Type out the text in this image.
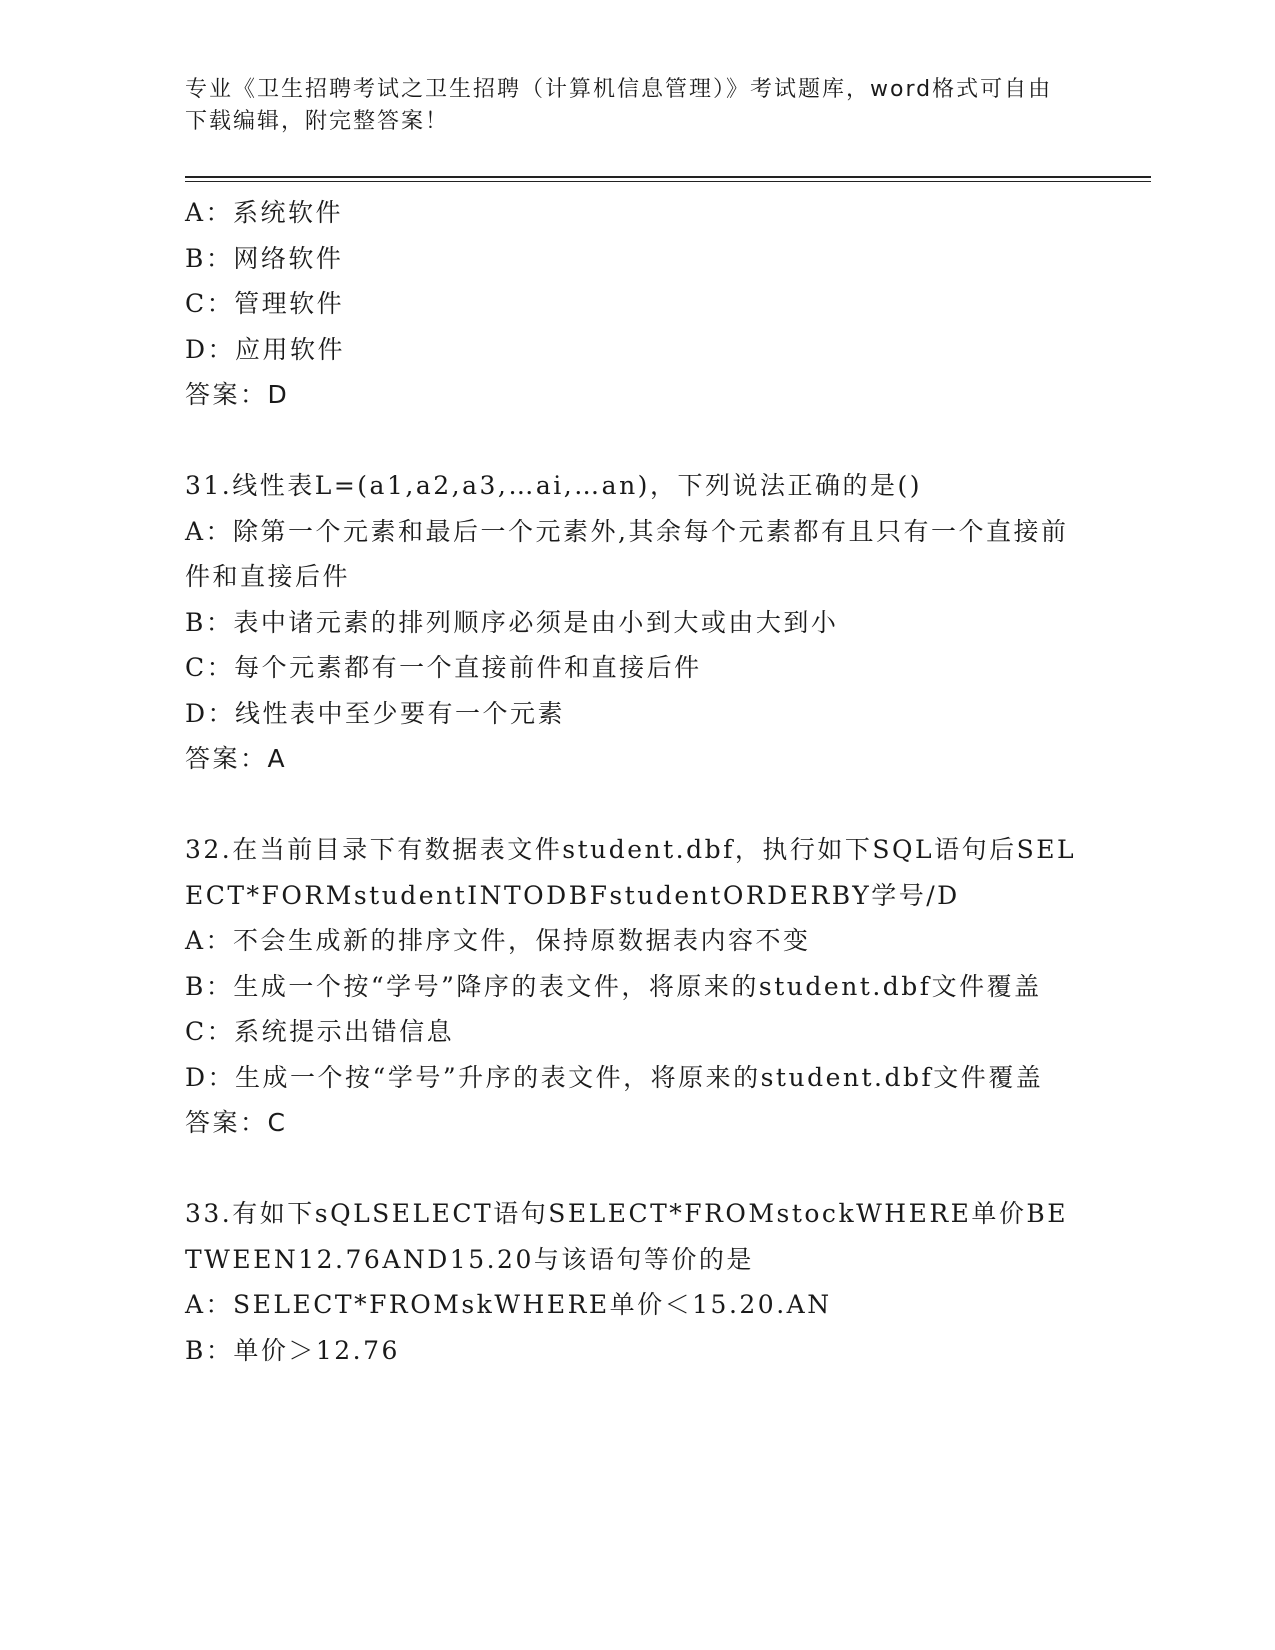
专业《卫生招聘考试之卫生招聘（计算机信息管理）》考试题库，word格式可自由下载编辑，附完整答案！
A：系统软件
B：网络软件
C：管理软件
D：应用软件
答案：D
31.线性表L=(a1,a2,a3,…ai,…an)，下列说法正确的是()
A：除第一个元素和最后一个元素外,其余每个元素都有且只有一个直接前件和直接后件
B：表中诸元素的排列顺序必须是由小到大或由大到小
C：每个元素都有一个直接前件和直接后件
D：线性表中至少要有一个元素
答案：A
32.在当前目录下有数据表文件student.dbf，执行如下SQL语句后SELECT*FORMstudentINTODBFstudentORDERBY学号/D
A：不会生成新的排序文件，保持原数据表内容不变
B：生成一个按“学号”降序的表文件，将原来的student.dbf文件覆盖
C：系统提示出错信息
D：生成一个按“学号”升序的表文件，将原来的student.dbf文件覆盖
答案：C
33.有如下sQLSELECT语句SELECT*FROMstockWHERE单价BETWEEN12.76AND15.20与该语句等价的是
A：SELECT*FROMskWHERE单价＜15.20.AN
B：单价＞12.76
